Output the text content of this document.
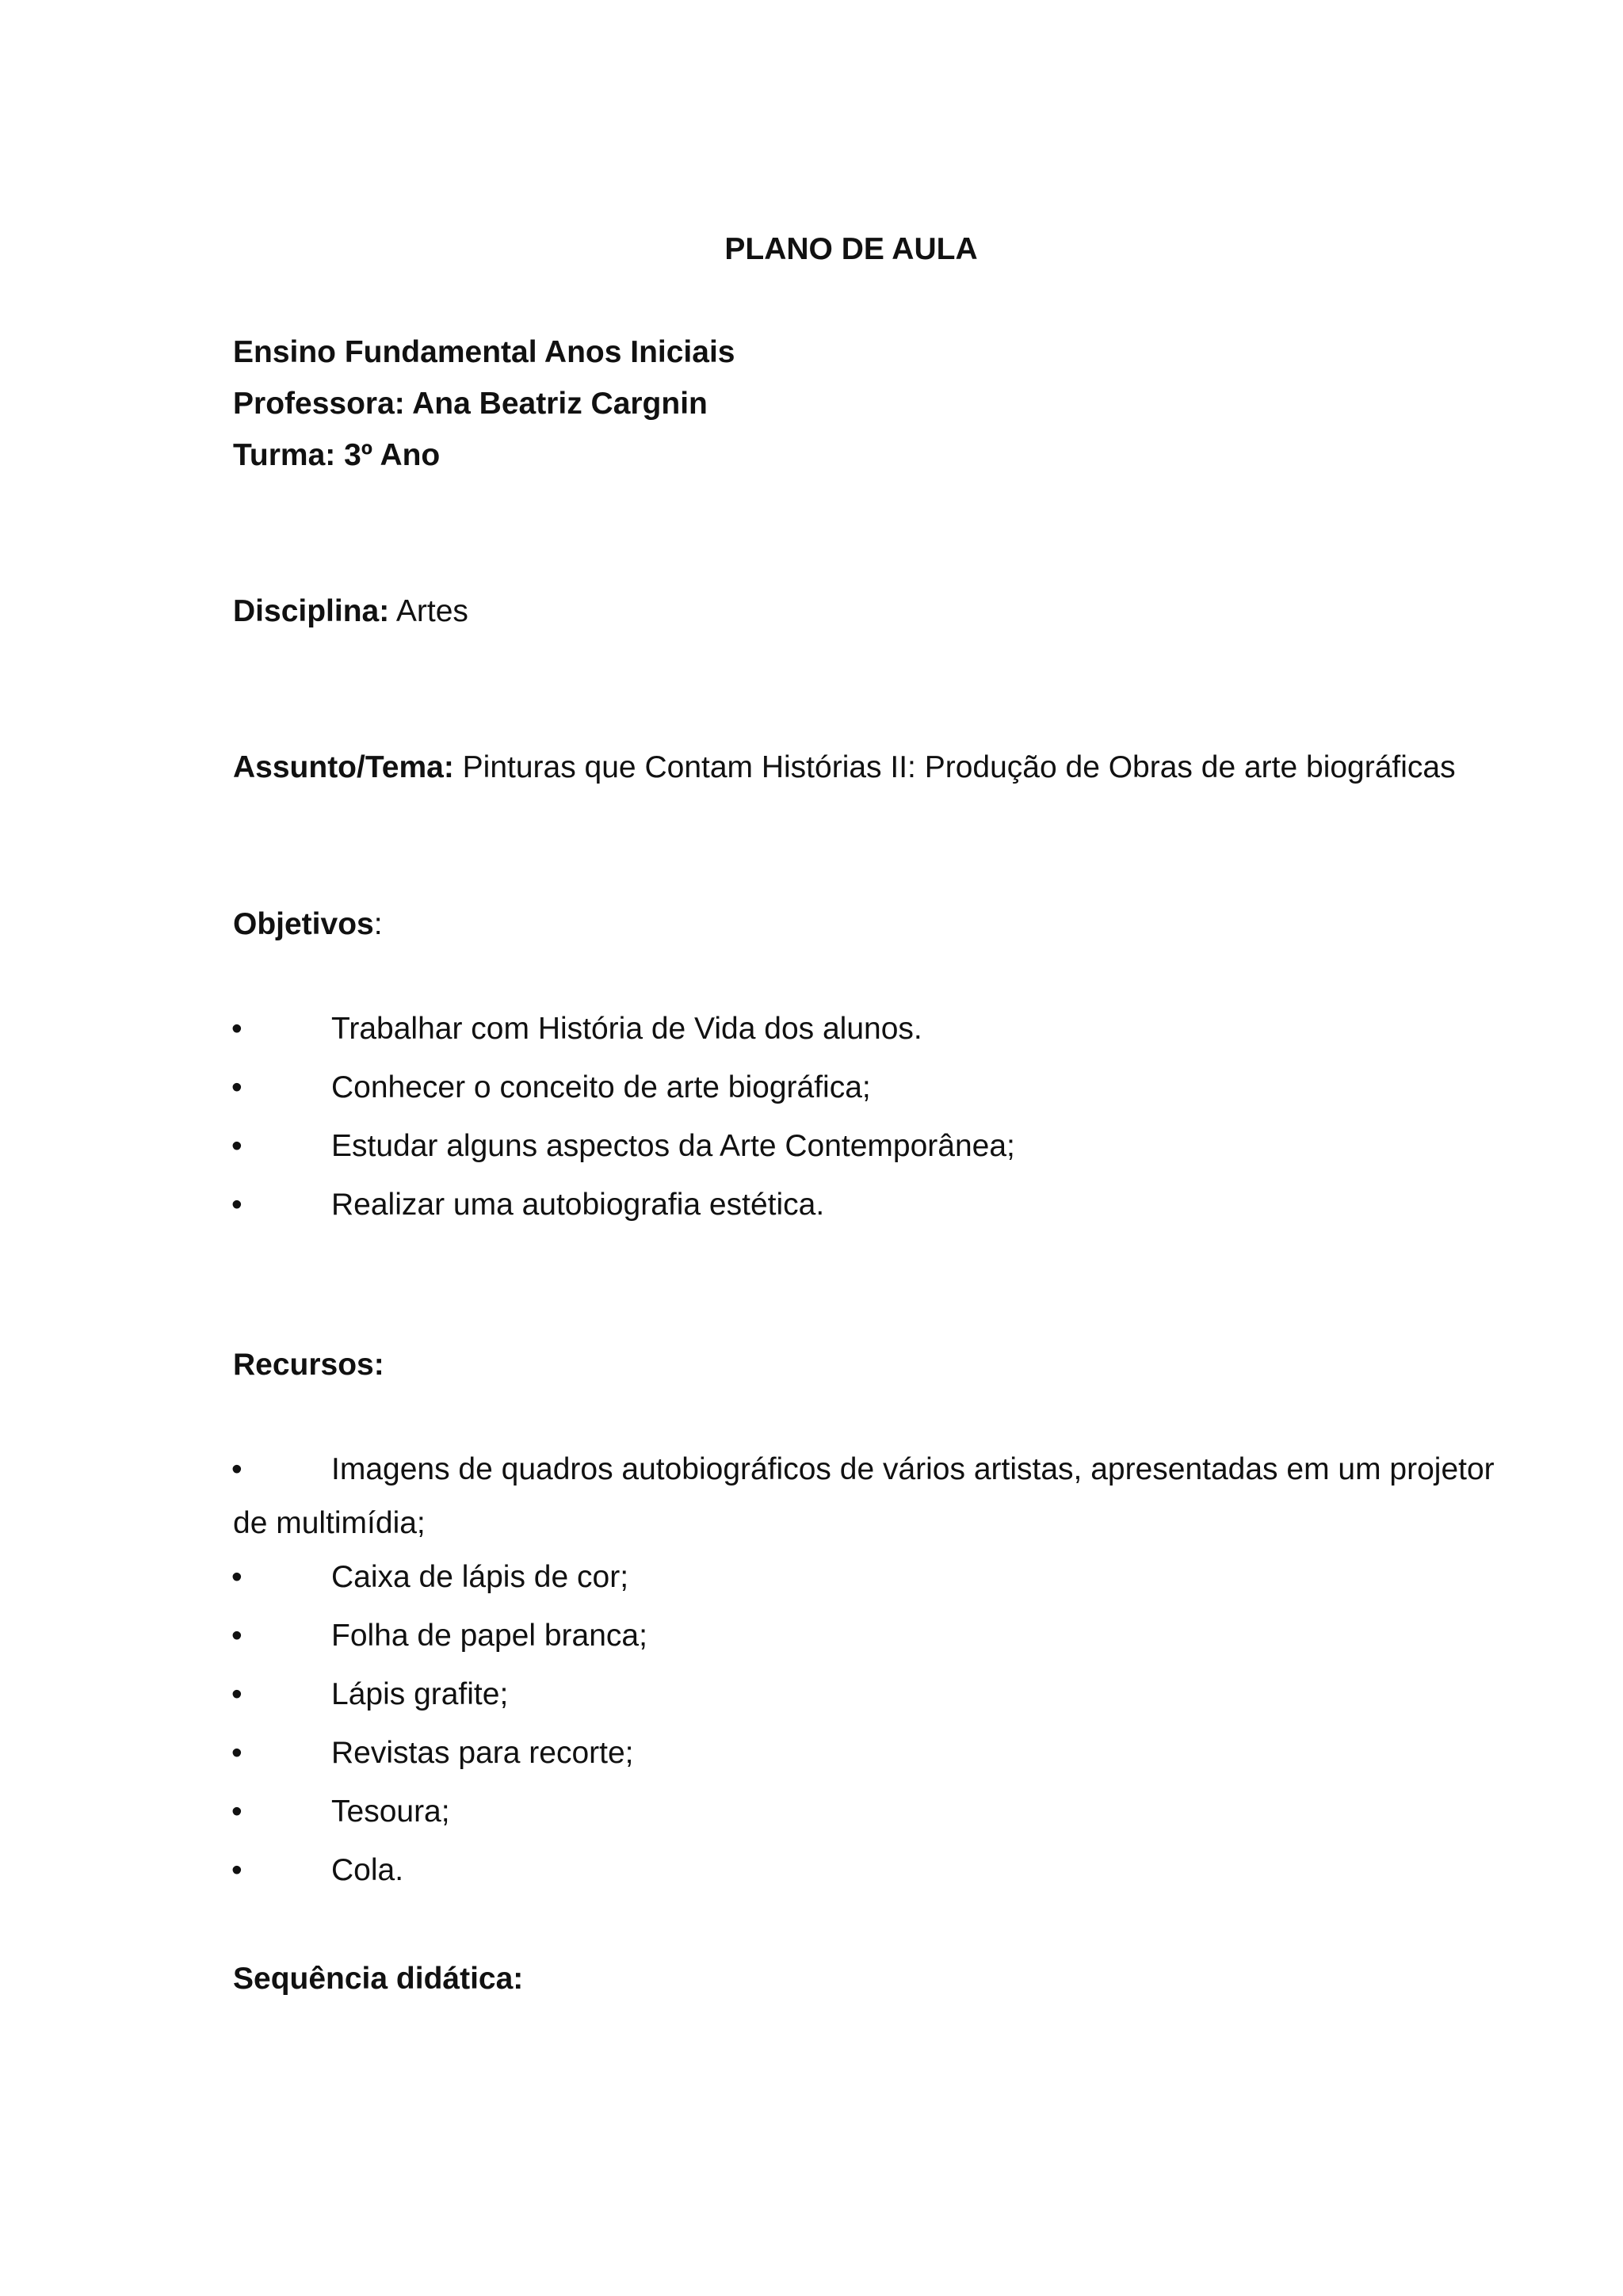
PLANO DE AULA
Ensino Fundamental Anos Iniciais
Professora: Ana Beatriz Cargnin
Turma: 3º Ano
Disciplina: Artes
Assunto/Tema: Pinturas que Contam Histórias II: Produção de Obras de arte biográficas
Objetivos:
•	Trabalhar com História de Vida dos alunos.
•	Conhecer o conceito de arte biográfica;
•	Estudar alguns aspectos da Arte Contemporânea;
•	Realizar uma autobiografia estética.
Recursos:
•	Imagens de quadros autobiográficos de vários artistas, apresentadas em um projetor
de multimídia;
•	Caixa de lápis de cor;
•	Folha de papel branca;
•	Lápis grafite;
•	Revistas para recorte;
•	Tesoura;
•	Cola.
Sequência didática:
